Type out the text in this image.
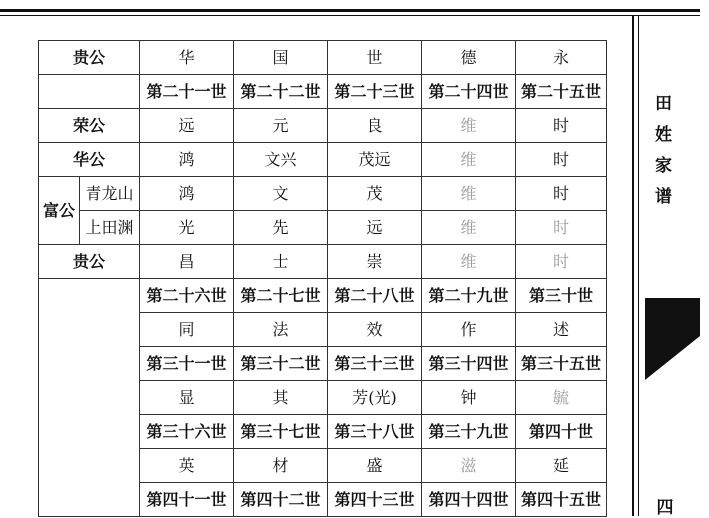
贵公		华	国	世	德	永
		第二十一世	第二十二世	第二十三世	第二十四世	第二十五世
荣公		远	元	良	维	时
华公		鸿	文兴	茂远	维	时
富公	青龙山	鸿	文	茂	维	时
	上田渊	光	先	远	维	时
贵公		昌	士	崇	维	时
		第二十六世	第二十七世	第二十八世	第二十九世	第三十世
		同	法	效	作	述
		第三十一世	第三十二世	第三十三世	第三十四世	第三十五世
		显	其	芳(光)	钟	毓
		第三十六世	第三十七世	第三十八世	第三十九世	第四十世
		英	材	盛	滋	延
		第四十一世	第四十二世	第四十三世	第四十四世	第四十五世
田姓家谱
四
